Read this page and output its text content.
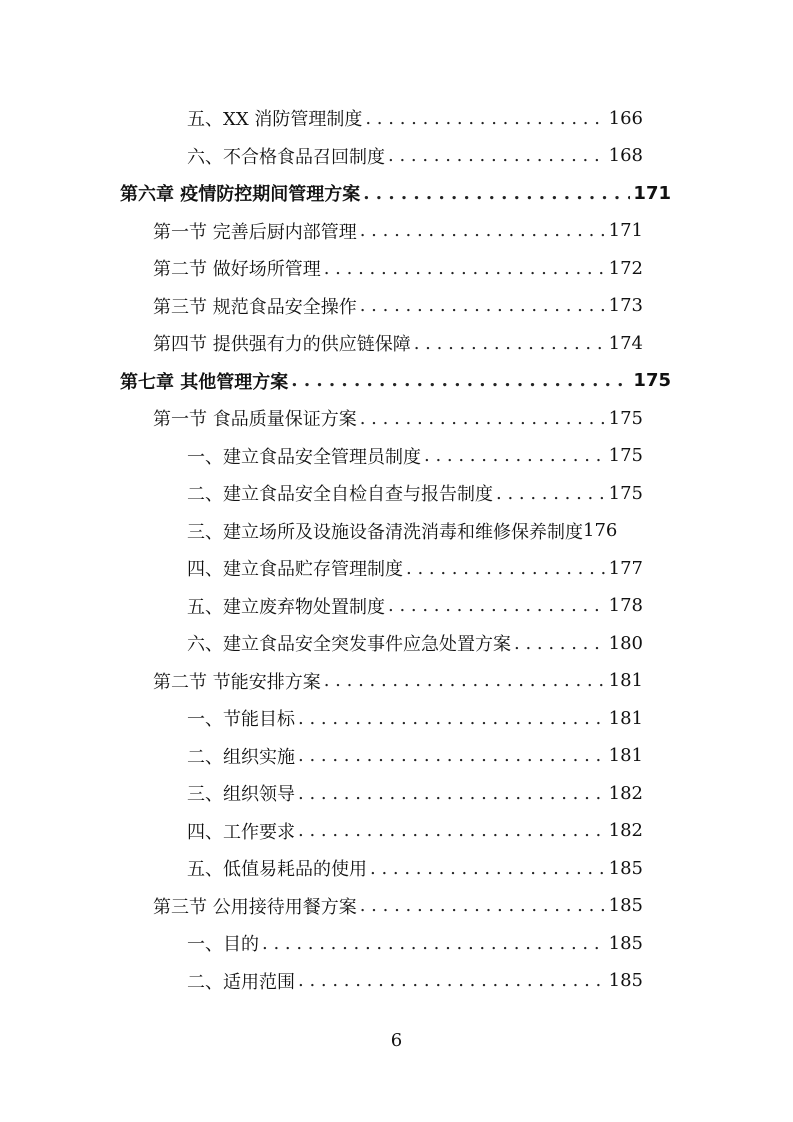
五、XX 消防管理制度 . . .	166
六、不合格食品召回制度 . . .	168
第六章 疫情防控期间管理方案 . . .	171
第一节 完善后厨内部管理 . . .	171
第二节 做好场所管理 . . .	172
第三节 规范食品安全操作 . . .	173
第四节 提供强有力的供应链保障 . . .	174
第七章 其他管理方案 . . .	175
第一节 食品质量保证方案 . . .	175
一、建立食品安全管理员制度 . . .	175
二、建立食品安全自检自查与报告制度 . . .	175
三、建立场所及设施设备清洗消毒和维修保养制度 176
四、建立食品贮存管理制度 . . .	177
五、建立废弃物处置制度 . . .	178
六、建立食品安全突发事件应急处置方案 . . .	180
第二节 节能安排方案 . . .	181
一、节能目标 . . .	181
二、组织实施 . . .	181
三、组织领导 . . .	182
四、工作要求 . . .	182
五、低值易耗品的使用 . . .	185
第三节 公用接待用餐方案 . . .	185
一、目的 . . .	185
二、适用范围 . . .	185
6
